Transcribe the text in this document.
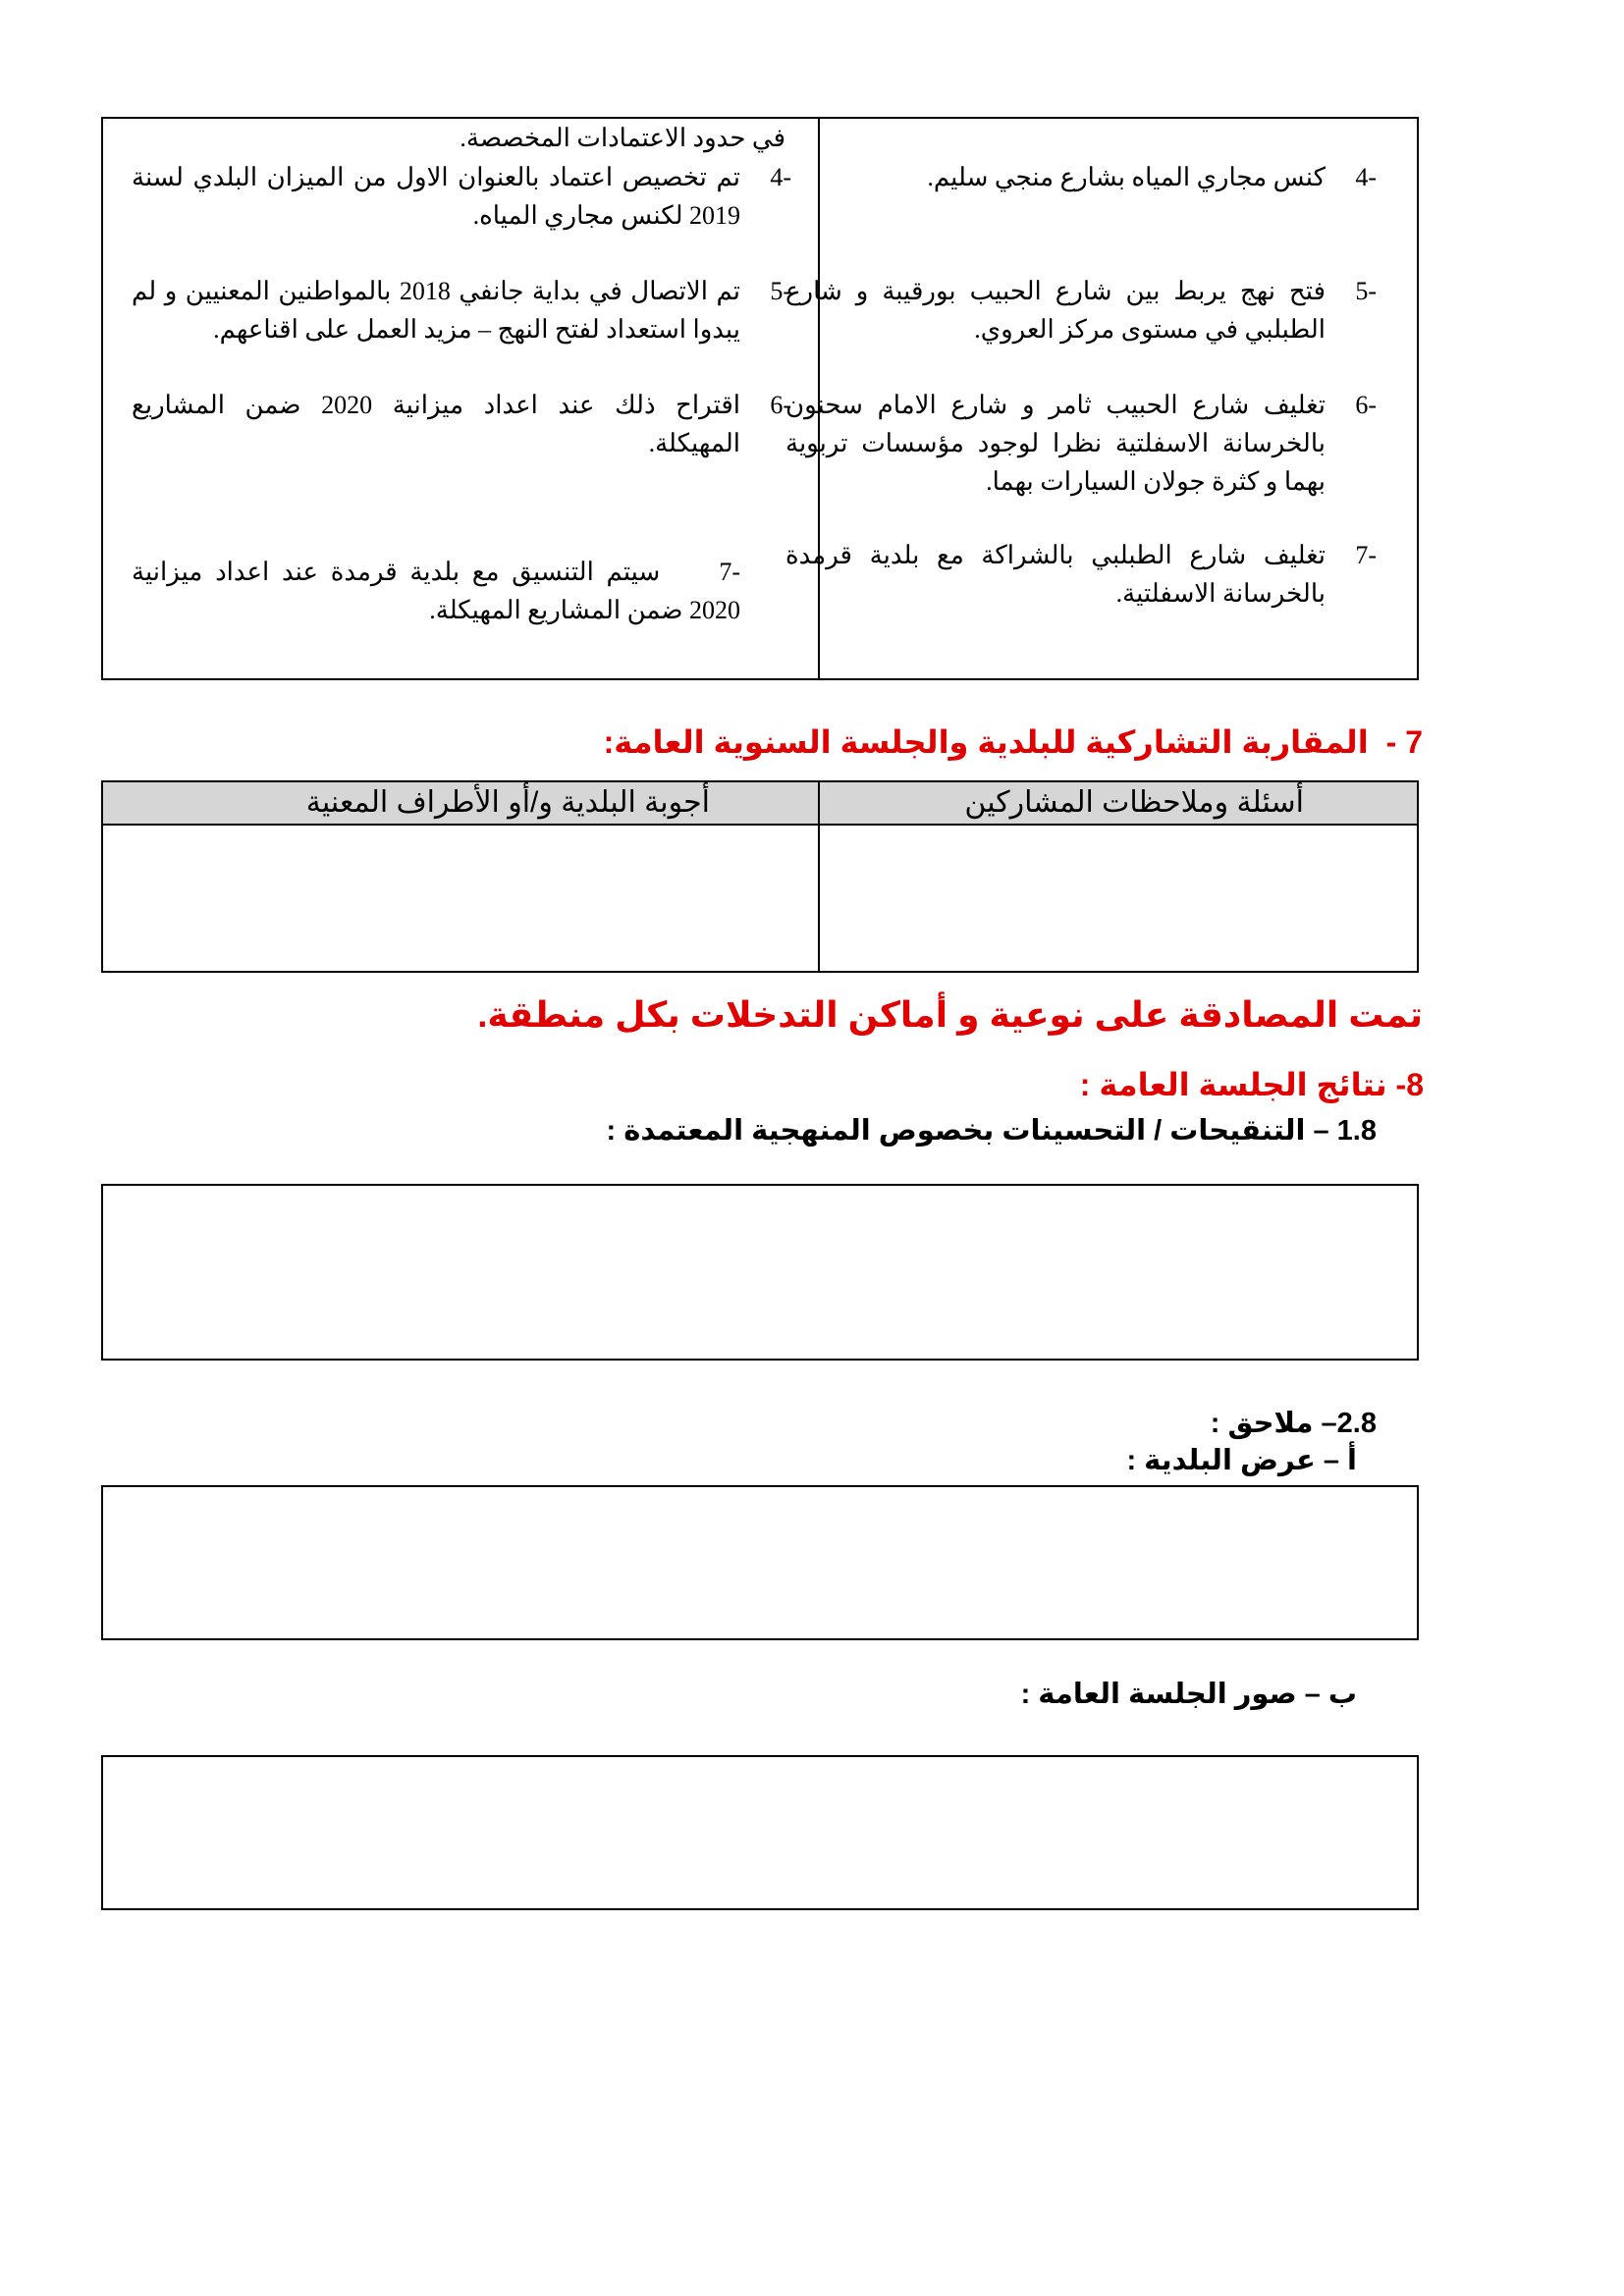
4-
كنس مجاري المياه بشارع منجي سليم.
5-
فتح نهج يربط بين شارع الحبيب بورقيبة و شارع الطبلبي في مستوى مركز العروي.
6-
تغليف شارع الحبيب ثامر و شارع الامام سحنون بالخرسانة الاسفلتية نظرا لوجود مؤسسات تربوية بهما و كثرة جولان السيارات بهما.
7-
تغليف شارع الطبلبي بالشراكة مع بلدية قرمدة بالخرسانة الاسفلتية.
في حدود الاعتمادات المخصصة.
4-
تم تخصيص اعتماد بالعنوان الاول من الميزان البلدي لسنة 2019 لكنس مجاري المياه.
5-
تم الاتصال في بداية جانفي 2018 بالمواطنين المعنيين و لم يبدوا استعداد لفتح النهج – مزيد العمل على اقناعهم.
6-
اقتراح ذلك عند اعداد ميزانية 2020 ضمن المشاريع المهيكلة.
7-سيتم التنسيق مع بلدية قرمدة عند اعداد ميزانية 2020 ضمن المشاريع المهيكلة.
7 -المقاربة التشاركية للبلدية والجلسة السنوية العامة:
أسئلة وملاحظات المشاركين
أجوبة البلدية و/أو الأطراف المعنية
تمت المصادقة على نوعية و أماكن التدخلات بكل منطقة.
8- نتائج الجلسة العامة :
1.8 – التنقيحات / التحسينات بخصوص المنهجية المعتمدة :
2.8– ملاحق :
أ – عرض البلدية :
ب – صور الجلسة العامة :
